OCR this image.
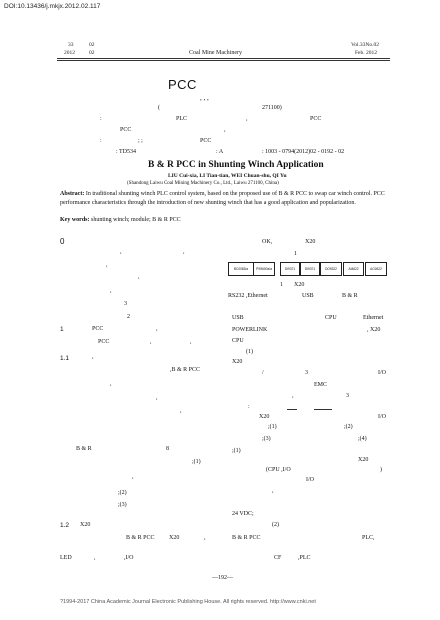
DOI:10.13436/j.mkjx.2012.02.117
33	02
2012	02	Coal Mine Machinery
Vol.33No.02
Feb. 2012
PCC
, , ,
(	271100)
:	PLC	,	PCC
PCC	,
:	; ;	PCC
: TD534	: A	: 1003 - 0794(2012)02 - 0192 - 02
B & R PCC in Shunting Winch Application
LIU Cui-xia, LI Tian-tian, WEI Chuan-shu, QI Yu
(Shandong Laiwu Coal Mining Machinery Co., Ltd., Laiwu 271100, China)
Abstract: In traditional shunting winch PLC control system, based on the proposed use of B & R PCC to swap car winch control. PCC performance characteristics through the introduction of new shunting winch that has a good application and popularization.
Key words: shunting winch; module; B & R PCC
0
,	,
,
,
,
3
2
1	PCC	,
PCC	,	,
1.1	,
,B & R PCC
,
,
,
B & R	8
,
;(1)
;(2)
;(3)
1.2 X20
B & R PCC X20	,
LED	,	,I/O
OK,	X20
1
BC0083/a	PS9600a/a	DI9371	DI9371	DO9322	AI4622	AO2622
1 X20
RS232 ,Ethernet	USB	B & R
USB	CPU	Ethernet
POWERLINK	, X20
CPU
(1)
X20
/	3	I/O
EMC
,	3
:
X20	I/O
;(1)	;(2)
;(3)	;(4)
;(1)
X20
(CPU ,I/O	)
I/O
,
24 VDC;
(2)
B & R PCC	PLC,
CF	,PLC
—192—
?1994-2017 China Academic Journal Electronic Publishing House. All rights reserved. http://www.cnki.net
